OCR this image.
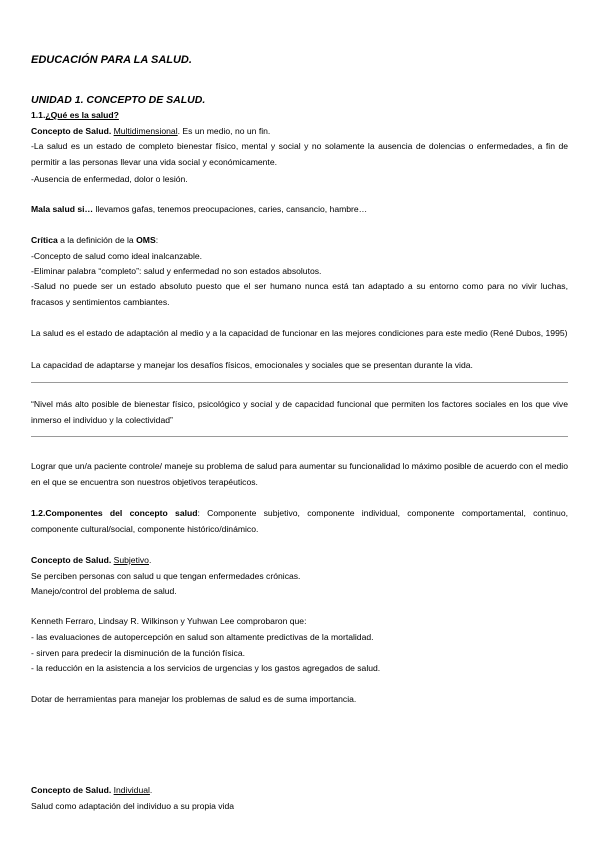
EDUCACIÓN PARA LA SALUD.
UNIDAD 1. CONCEPTO DE SALUD.
1.1.¿Qué es la salud?
Concepto de Salud. Multidimensional. Es un medio, no un fin.
-La salud es un estado de completo bienestar físico, mental y social y no solamente la ausencia de dolencias o enfermedades, a fin de permitir a las personas llevar una vida social y económicamente.
-Ausencia de enfermedad, dolor o lesión.
Mala salud si… llevamos gafas, tenemos preocupaciones, caries, cansancio, hambre…
Crítica a la definición de la OMS:
-Concepto de salud como ideal inalcanzable.
-Eliminar palabra “completo”: salud y enfermedad no son estados absolutos.
-Salud no puede ser un estado absoluto puesto que el ser humano nunca está tan adaptado a su entorno como para no vivir luchas, fracasos y sentimientos cambiantes.
La salud es el estado de adaptación al medio y a la capacidad de funcionar en las mejores condiciones para este medio (René Dubos, 1995)
La capacidad de adaptarse y manejar los desafíos físicos, emocionales y sociales que se presentan durante la vida.
“Nivel más alto posible de bienestar físico, psicológico y social y de capacidad funcional que permiten los factores sociales en los que vive inmerso el individuo y la colectividad”
Lograr que un/a paciente controle/ maneje su problema de salud para aumentar su funcionalidad lo máximo posible de acuerdo con el medio en el que se encuentra son nuestros objetivos terapéuticos.
1.2.Componentes del concepto salud: Componente subjetivo, componente individual, componente comportamental, continuo, componente cultural/social, componente histórico/dinámico.
Concepto de Salud. Subjetivo.
Se perciben personas con salud u que tengan enfermedades crónicas.
Manejo/control del problema de salud.
Kenneth Ferraro, Lindsay R. Wilkinson y Yuhwan Lee comprobaron que:
- las evaluaciones de autopercepción en salud son altamente predictivas de la mortalidad.
- sirven para predecir la disminución de la función física.
- la reducción en la asistencia a los servicios de urgencias y los gastos agregados de salud.
Dotar de herramientas para manejar los problemas de salud es de suma importancia.
Concepto de Salud. Individual.
Salud como adaptación del individuo a su propia vida
